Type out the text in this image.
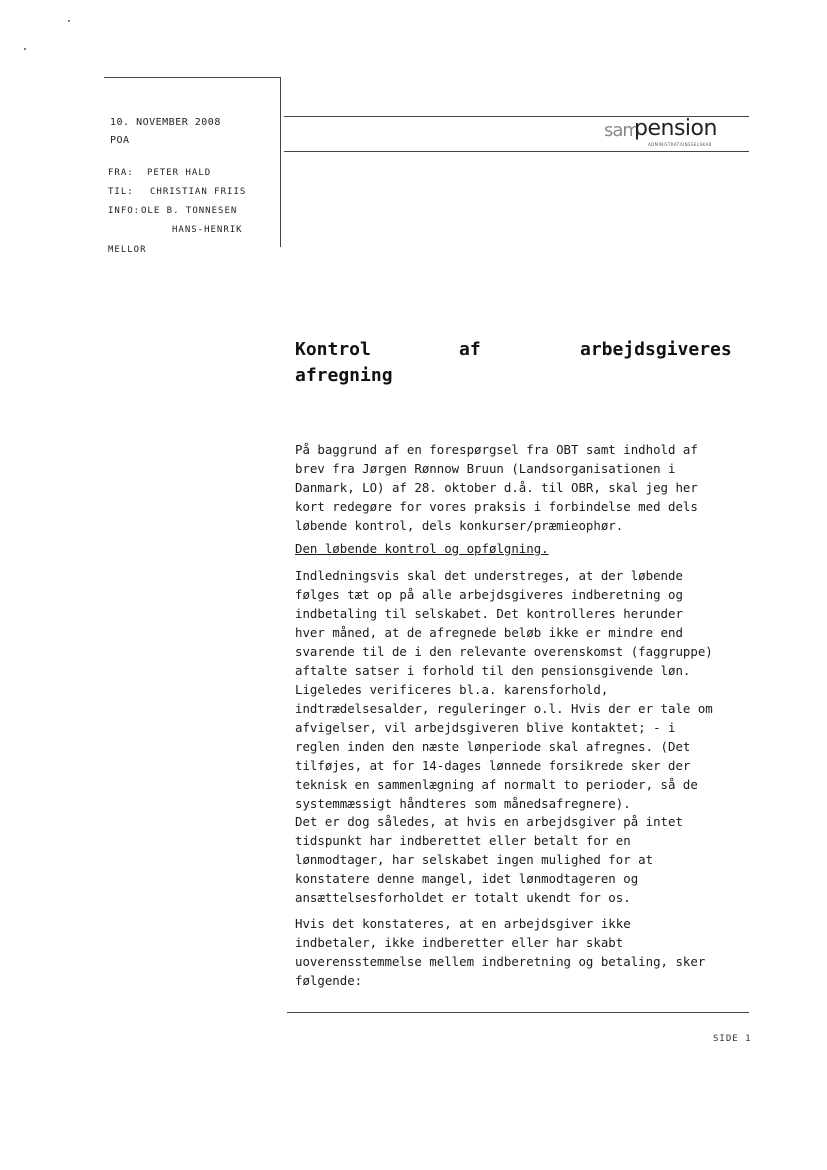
10. NOVEMBER 2008
POA
FRA: PETER HALD
TIL: CHRISTIAN FRIIS
INFO: OLE B. TONNESEN
HANS-HENRIK
MELLOR
sam
pension
ADMINISTRATIONSSELSKAB
Kontrol	af	arbejdsgiveres
afregning
På baggrund af en forespørgsel fra OBT samt indhold af
brev fra Jørgen Rønnow Bruun (Landsorganisationen i
Danmark, LO) af 28. oktober d.å. til OBR, skal jeg her
kort redegøre for vores praksis i forbindelse med dels
løbende kontrol, dels konkurser/præmieophør.
Den løbende kontrol og opfølgning.
Indledningsvis skal det understreges, at der løbende
følges tæt op på alle arbejdsgiveres indberetning og
indbetaling til selskabet. Det kontrolleres herunder
hver måned, at de afregnede beløb ikke er mindre end
svarende til de i den relevante overenskomst (faggruppe)
aftalte satser i forhold til den pensionsgivende løn.
Ligeledes verificeres bl.a. karensforhold,
indtrædelsesalder, reguleringer o.l. Hvis der er tale om
afvigelser, vil arbejdsgiveren blive kontaktet; - i
reglen inden den næste lønperiode skal afregnes. (Det
tilføjes, at for 14-dages lønnede forsikrede sker der
teknisk en sammenlægning af normalt to perioder, så de
systemmæssigt håndteres som månedsafregnere).
Det er dog således, at hvis en arbejdsgiver på intet
tidspunkt har indberettet eller betalt for en
lønmodtager, har selskabet ingen mulighed for at
konstatere denne mangel, idet lønmodtageren og
ansættelsesforholdet er totalt ukendt for os.
Hvis det konstateres, at en arbejdsgiver ikke
indbetaler, ikke indberetter eller har skabt
uoverensstemmelse mellem indberetning og betaling, sker
følgende:
SIDE 1
